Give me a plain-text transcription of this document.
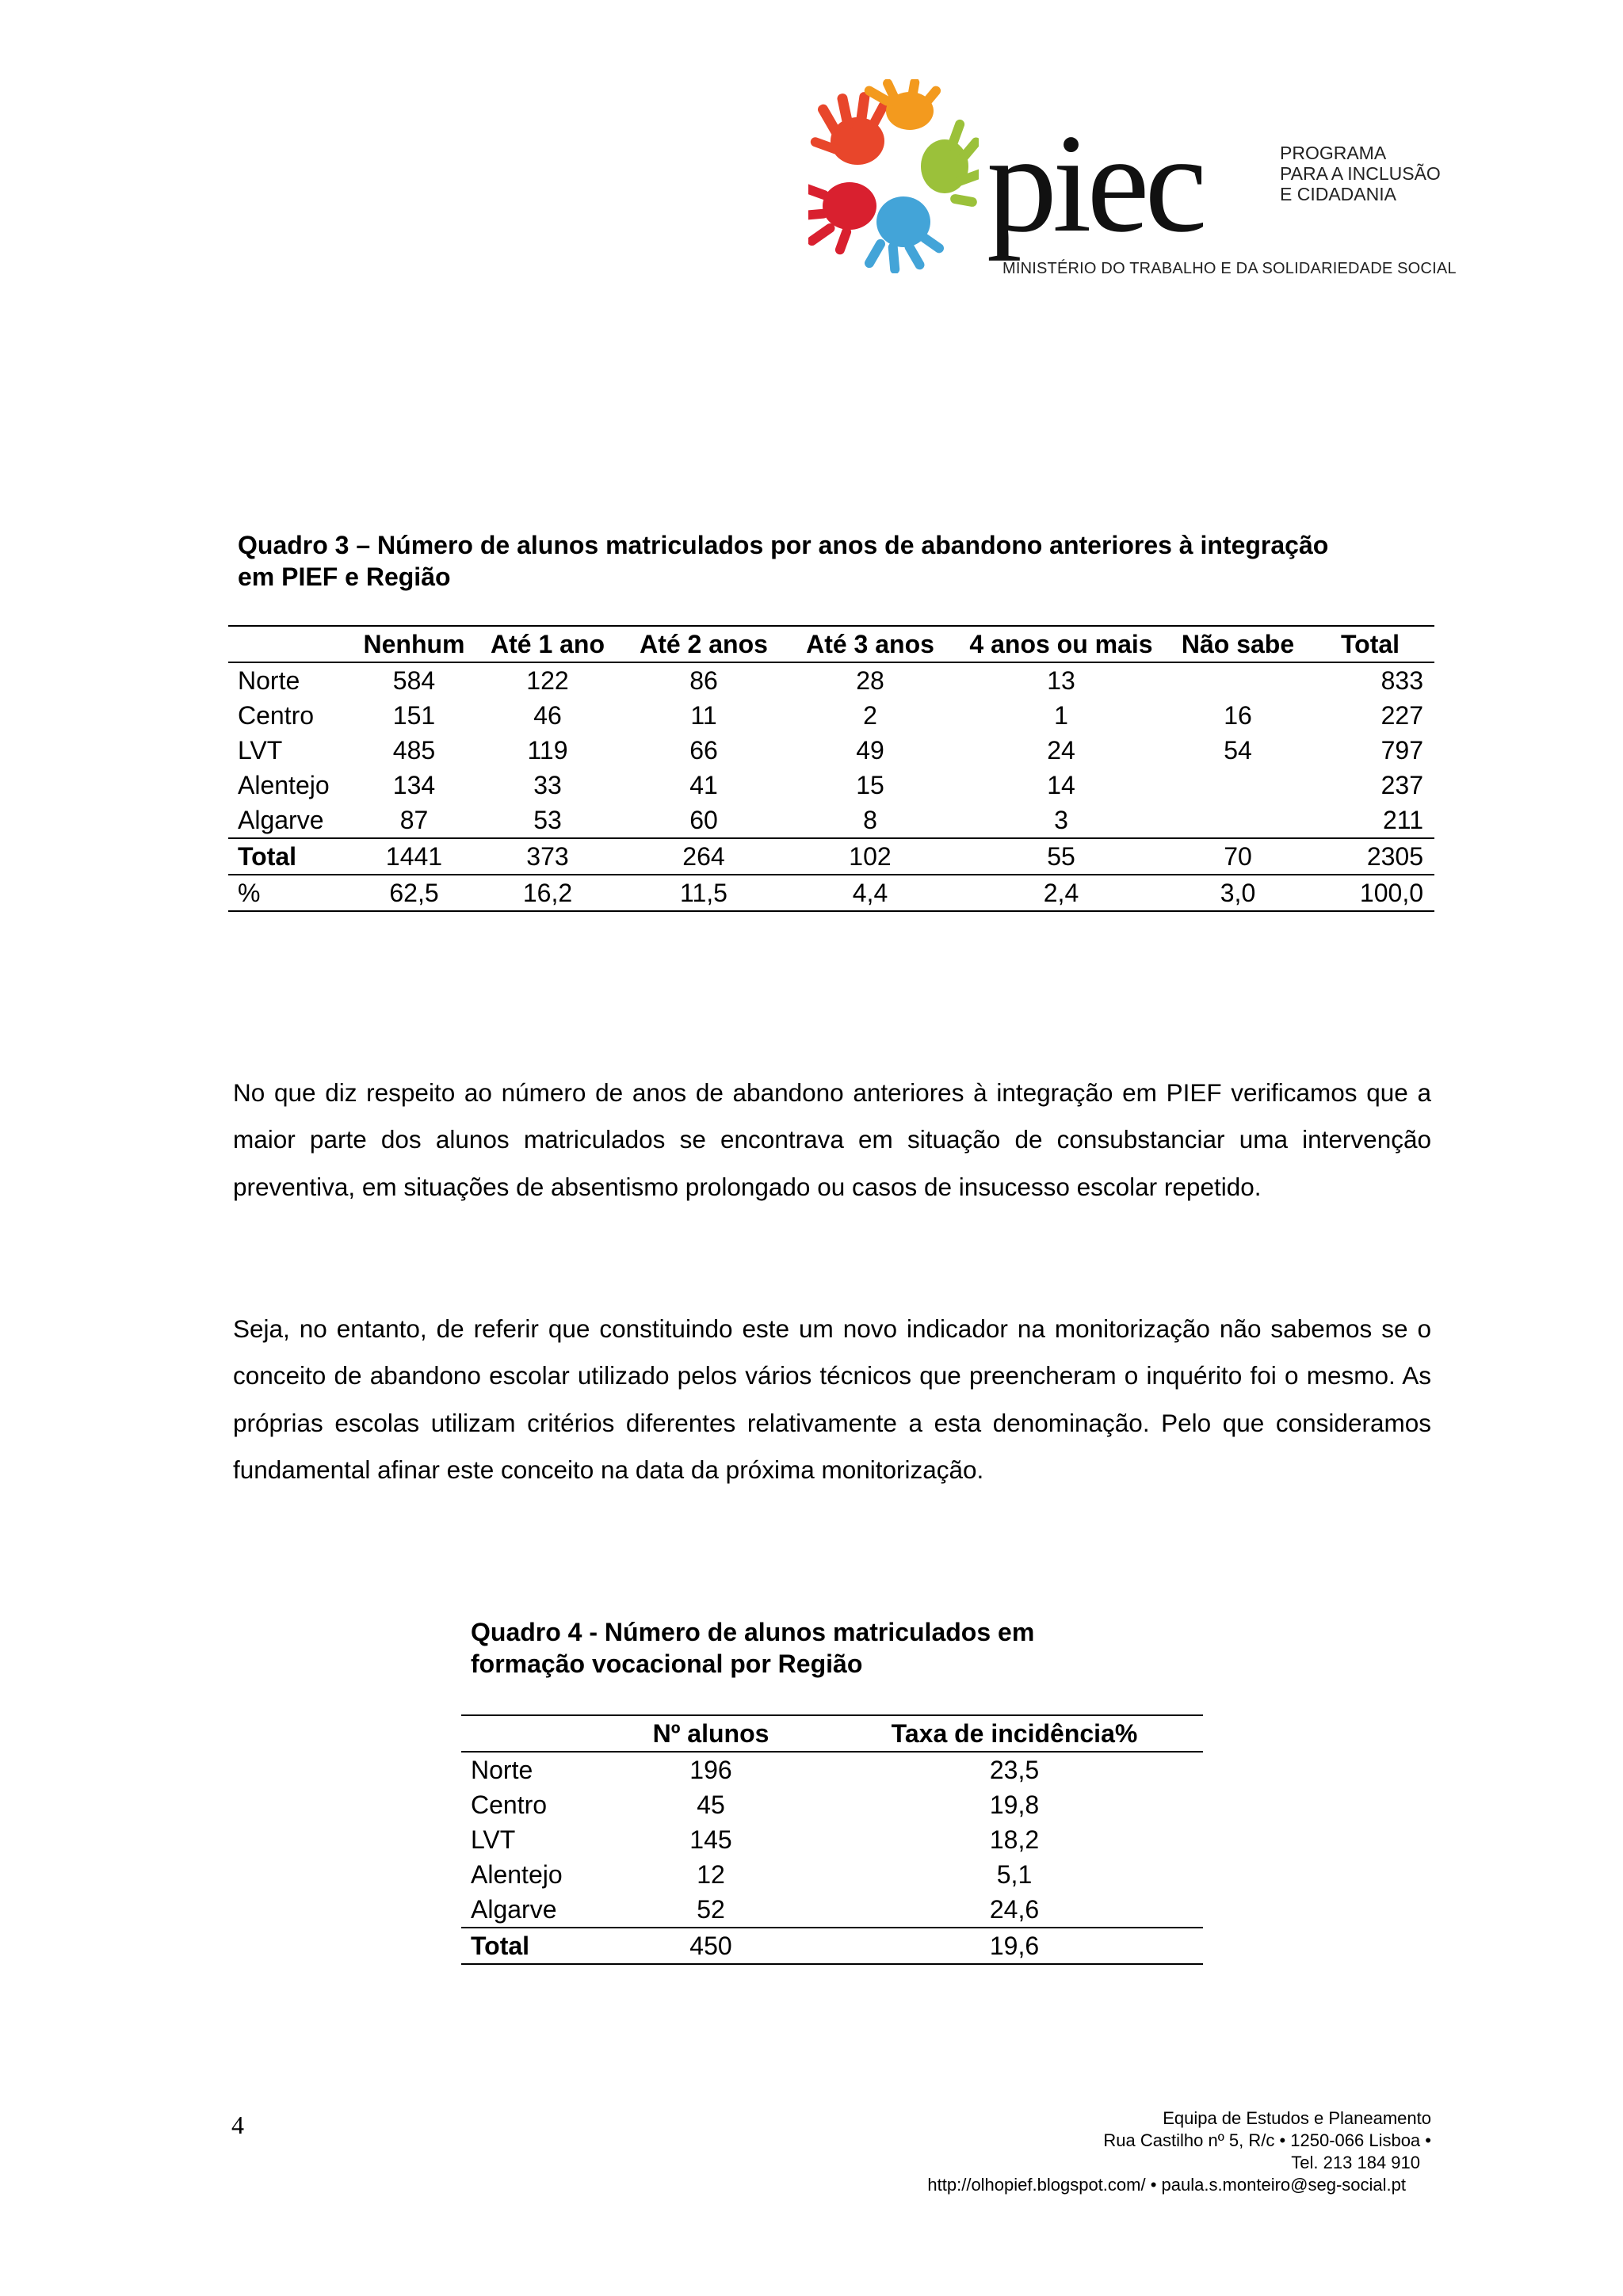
piec	PROGRAMA
PARA A INCLUSÃO
E CIDADANIA
MINISTÉRIO DO TRABALHO E DA SOLIDARIEDADE SOCIAL
Quadro 3 – Número de alunos matriculados por anos de abandono anteriores à integração
em PIEF e Região
	Nenhum	Até 1 ano	Até 2 anos	Até 3 anos	4 anos ou mais	Não sabe	Total
Norte	584	122	86	28	13		833
Centro	151	46	11	2	1	16	227
LVT	485	119	66	49	24	54	797
Alentejo	134	33	41	15	14		237
Algarve	87	53	60	8	3		211
Total	1441	373	264	102	55	70	2305
%	62,5	16,2	11,5	4,4	2,4	3,0	100,0

No que diz respeito ao número de anos de abandono anteriores à integração em PIEF verificamos que a maior parte dos alunos matriculados se encontrava em situação de consubstanciar uma intervenção preventiva, em situações de absentismo prolongado ou casos de insucesso escolar repetido.

Seja, no entanto, de referir que constituindo este um novo indicador na monitorização não sabemos se o conceito de abandono escolar utilizado pelos vários técnicos que preencheram o inquérito foi o mesmo. As próprias escolas utilizam critérios diferentes relativamente a esta denominação. Pelo que consideramos fundamental afinar este conceito na data da próxima monitorização.

Quadro 4 - Número de alunos matriculados em
formação vocacional por Região
	Nº alunos	Taxa de incidência%
Norte	196	23,5
Centro	45	19,8
LVT	145	18,2
Alentejo	12	5,1
Algarve	52	24,6
Total	450	19,6
4	Equipa de Estudos e Planeamento
Rua Castilho nº 5, R/c • 1250-066 Lisboa •
Tel. 213 184 910
http://olhopief.blogspot.com/ • paula.s.monteiro@seg-social.pt
